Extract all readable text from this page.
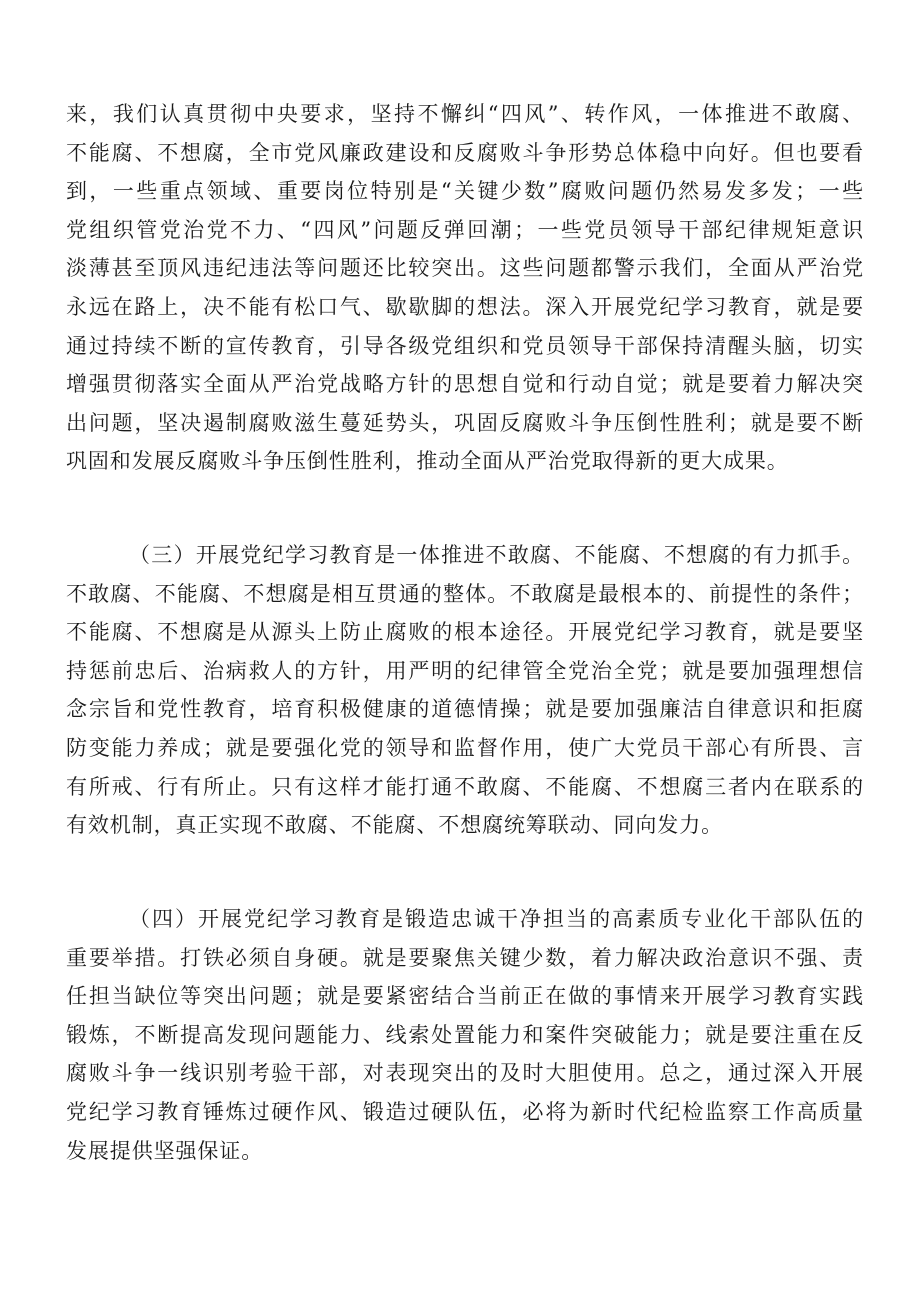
来，我们认真贯彻中央要求，坚持不懈纠“四风”、转作风，一体推进不敢腐、
不能腐、不想腐，全市党风廉政建设和反腐败斗争形势总体稳中向好。但也要看
到，一些重点领域、重要岗位特别是“关键少数”腐败问题仍然易发多发；一些
党组织管党治党不力、“四风”问题反弹回潮；一些党员领导干部纪律规矩意识
淡薄甚至顶风违纪违法等问题还比较突出。这些问题都警示我们，全面从严治党
永远在路上，决不能有松口气、歇歇脚的想法。深入开展党纪学习教育，就是要
通过持续不断的宣传教育，引导各级党组织和党员领导干部保持清醒头脑，切实
增强贯彻落实全面从严治党战略方针的思想自觉和行动自觉；就是要着力解决突
出问题，坚决遏制腐败滋生蔓延势头，巩固反腐败斗争压倒性胜利；就是要不断
巩固和发展反腐败斗争压倒性胜利，推动全面从严治党取得新的更大成果。
（三）开展党纪学习教育是一体推进不敢腐、不能腐、不想腐的有力抓手。
不敢腐、不能腐、不想腐是相互贯通的整体。不敢腐是最根本的、前提性的条件；
不能腐、不想腐是从源头上防止腐败的根本途径。开展党纪学习教育，就是要坚
持惩前忠后、治病救人的方针，用严明的纪律管全党治全党；就是要加强理想信
念宗旨和党性教育，培育积极健康的道德情操；就是要加强廉洁自律意识和拒腐
防变能力养成；就是要强化党的领导和监督作用，使广大党员干部心有所畏、言
有所戒、行有所止。只有这样才能打通不敢腐、不能腐、不想腐三者内在联系的
有效机制，真正实现不敢腐、不能腐、不想腐统筹联动、同向发力。
（四）开展党纪学习教育是锻造忠诚干净担当的高素质专业化干部队伍的
重要举措。打铁必须自身硬。就是要聚焦关键少数，着力解决政治意识不强、责
任担当缺位等突出问题；就是要紧密结合当前正在做的事情来开展学习教育实践
锻炼，不断提高发现问题能力、线索处置能力和案件突破能力；就是要注重在反
腐败斗争一线识别考验干部，对表现突出的及时大胆使用。总之，通过深入开展
党纪学习教育锤炼过硬作风、锻造过硬队伍，必将为新时代纪检监察工作高质量
发展提供坚强保证。
